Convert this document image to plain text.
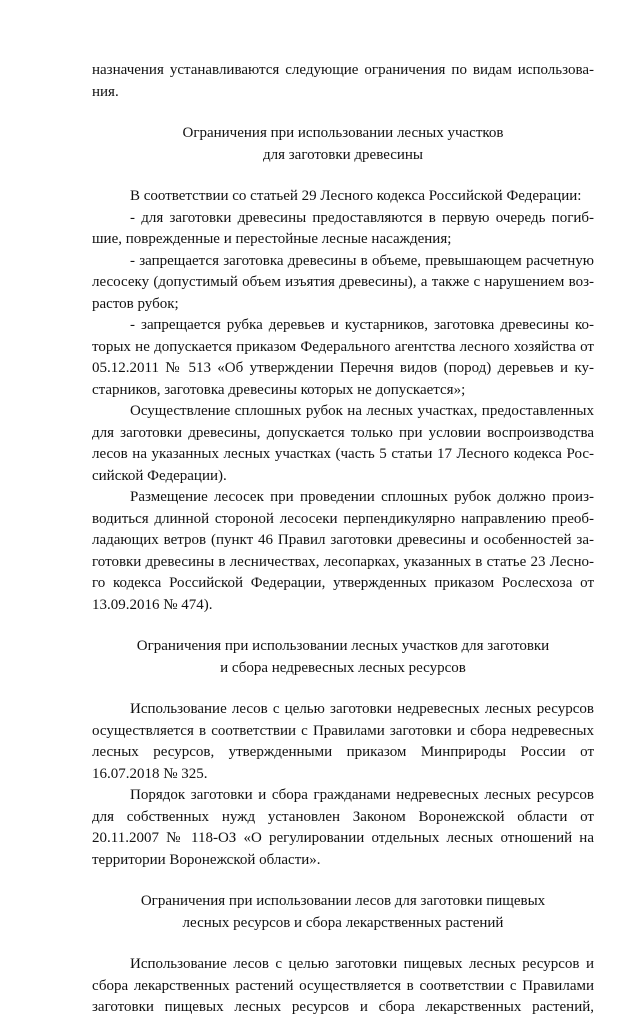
назначения устанавливаются следующие ограничения по видам использова-
ния.
Ограничения при использовании лесных участков
для заготовки древесины
В соответствии со статьей 29 Лесного кодекса Российской Федерации:
- для заготовки древесины предоставляются в первую очередь погиб-
шие, поврежденные и перестойные лесные насаждения;
- запрещается заготовка древесины в объеме, превышающем расчетную
лесосеку (допустимый объем изъятия древесины), а также с нарушением воз-
растов рубок;
- запрещается рубка деревьев и кустарников, заготовка древесины ко-
торых не допускается приказом Федерального агентства лесного хозяйства от
05.12.2011 № 513 «Об утверждении Перечня видов (пород) деревьев и ку-
старников, заготовка древесины которых не допускается»;
Осуществление сплошных рубок на лесных участках, предоставленных
для заготовки древесины, допускается только при условии воспроизводства
лесов на указанных лесных участках (часть 5 статьи 17 Лесного кодекса Рос-
сийской Федерации).
Размещение лесосек при проведении сплошных рубок должно произ-
водиться длинной стороной лесосеки перпендикулярно направлению преоб-
ладающих ветров (пункт 46 Правил заготовки древесины и особенностей за-
готовки древесины в лесничествах, лесопарках, указанных в статье 23 Лесно-
го кодекса Российской Федерации, утвержденных приказом Рослесхоза от
13.09.2016 № 474).
Ограничения при использовании лесных участков для заготовки
и сбора недревесных лесных ресурсов
Использование лесов с целью заготовки недревесных лесных ресурсов
осуществляется в соответствии с Правилами заготовки и сбора недревесных
лесных ресурсов, утвержденными приказом Минприроды России от
16.07.2018 № 325.
Порядок заготовки и сбора гражданами недревесных лесных ресурсов
для собственных нужд установлен Законом Воронежской области от
20.11.2007 № 118-ОЗ «О регулировании отдельных лесных отношений на
территории Воронежской области».
Ограничения при использовании лесов для заготовки пищевых
лесных ресурсов и сбора лекарственных растений
Использование лесов с целью заготовки пищевых лесных ресурсов и
сбора лекарственных растений осуществляется в соответствии с Правилами
заготовки пищевых лесных ресурсов и сбора лекарственных растений,
